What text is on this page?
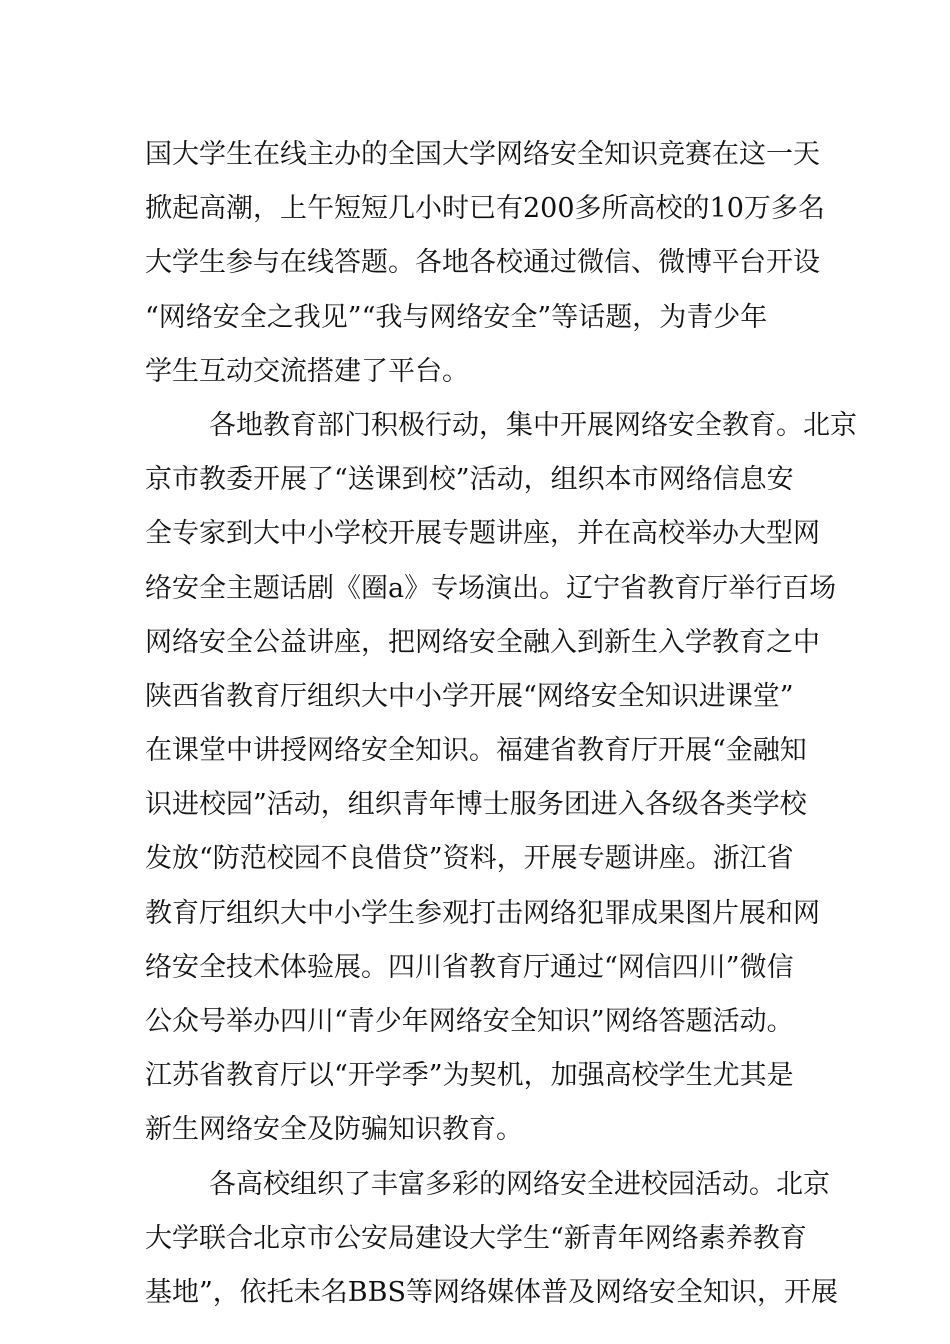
国大学生在线主办的全国大学网络安全知识竞赛在这一天
掀起高潮，上午短短几小时已有200多所高校的10万多名
大学生参与在线答题。各地各校通过微信、微博平台开设
“网络安全之我见”“我与网络安全”等话题，为青少年
学生互动交流搭建了平台。
各地教育部门积极行动，集中开展网络安全教育。北京
京市教委开展了“送课到校”活动，组织本市网络信息安
全专家到大中小学校开展专题讲座，并在高校举办大型网
络安全主题话剧《圈a》专场演出。辽宁省教育厅举行百场
网络安全公益讲座，把网络安全融入到新生入学教育之中
陕西省教育厅组织大中小学开展“网络安全知识进课堂”
在课堂中讲授网络安全知识。福建省教育厅开展“金融知
识进校园”活动，组织青年博士服务团进入各级各类学校
发放“防范校园不良借贷”资料，开展专题讲座。浙江省
教育厅组织大中小学生参观打击网络犯罪成果图片展和网
络安全技术体验展。四川省教育厅通过“网信四川”微信
公众号举办四川“青少年网络安全知识”网络答题活动。
江苏省教育厅以“开学季”为契机，加强高校学生尤其是
新生网络安全及防骗知识教育。
各高校组织了丰富多彩的网络安全进校园活动。北京
大学联合北京市公安局建设大学生“新青年网络素养教育
基地”，依托未名BBS等网络媒体普及网络安全知识，开展
